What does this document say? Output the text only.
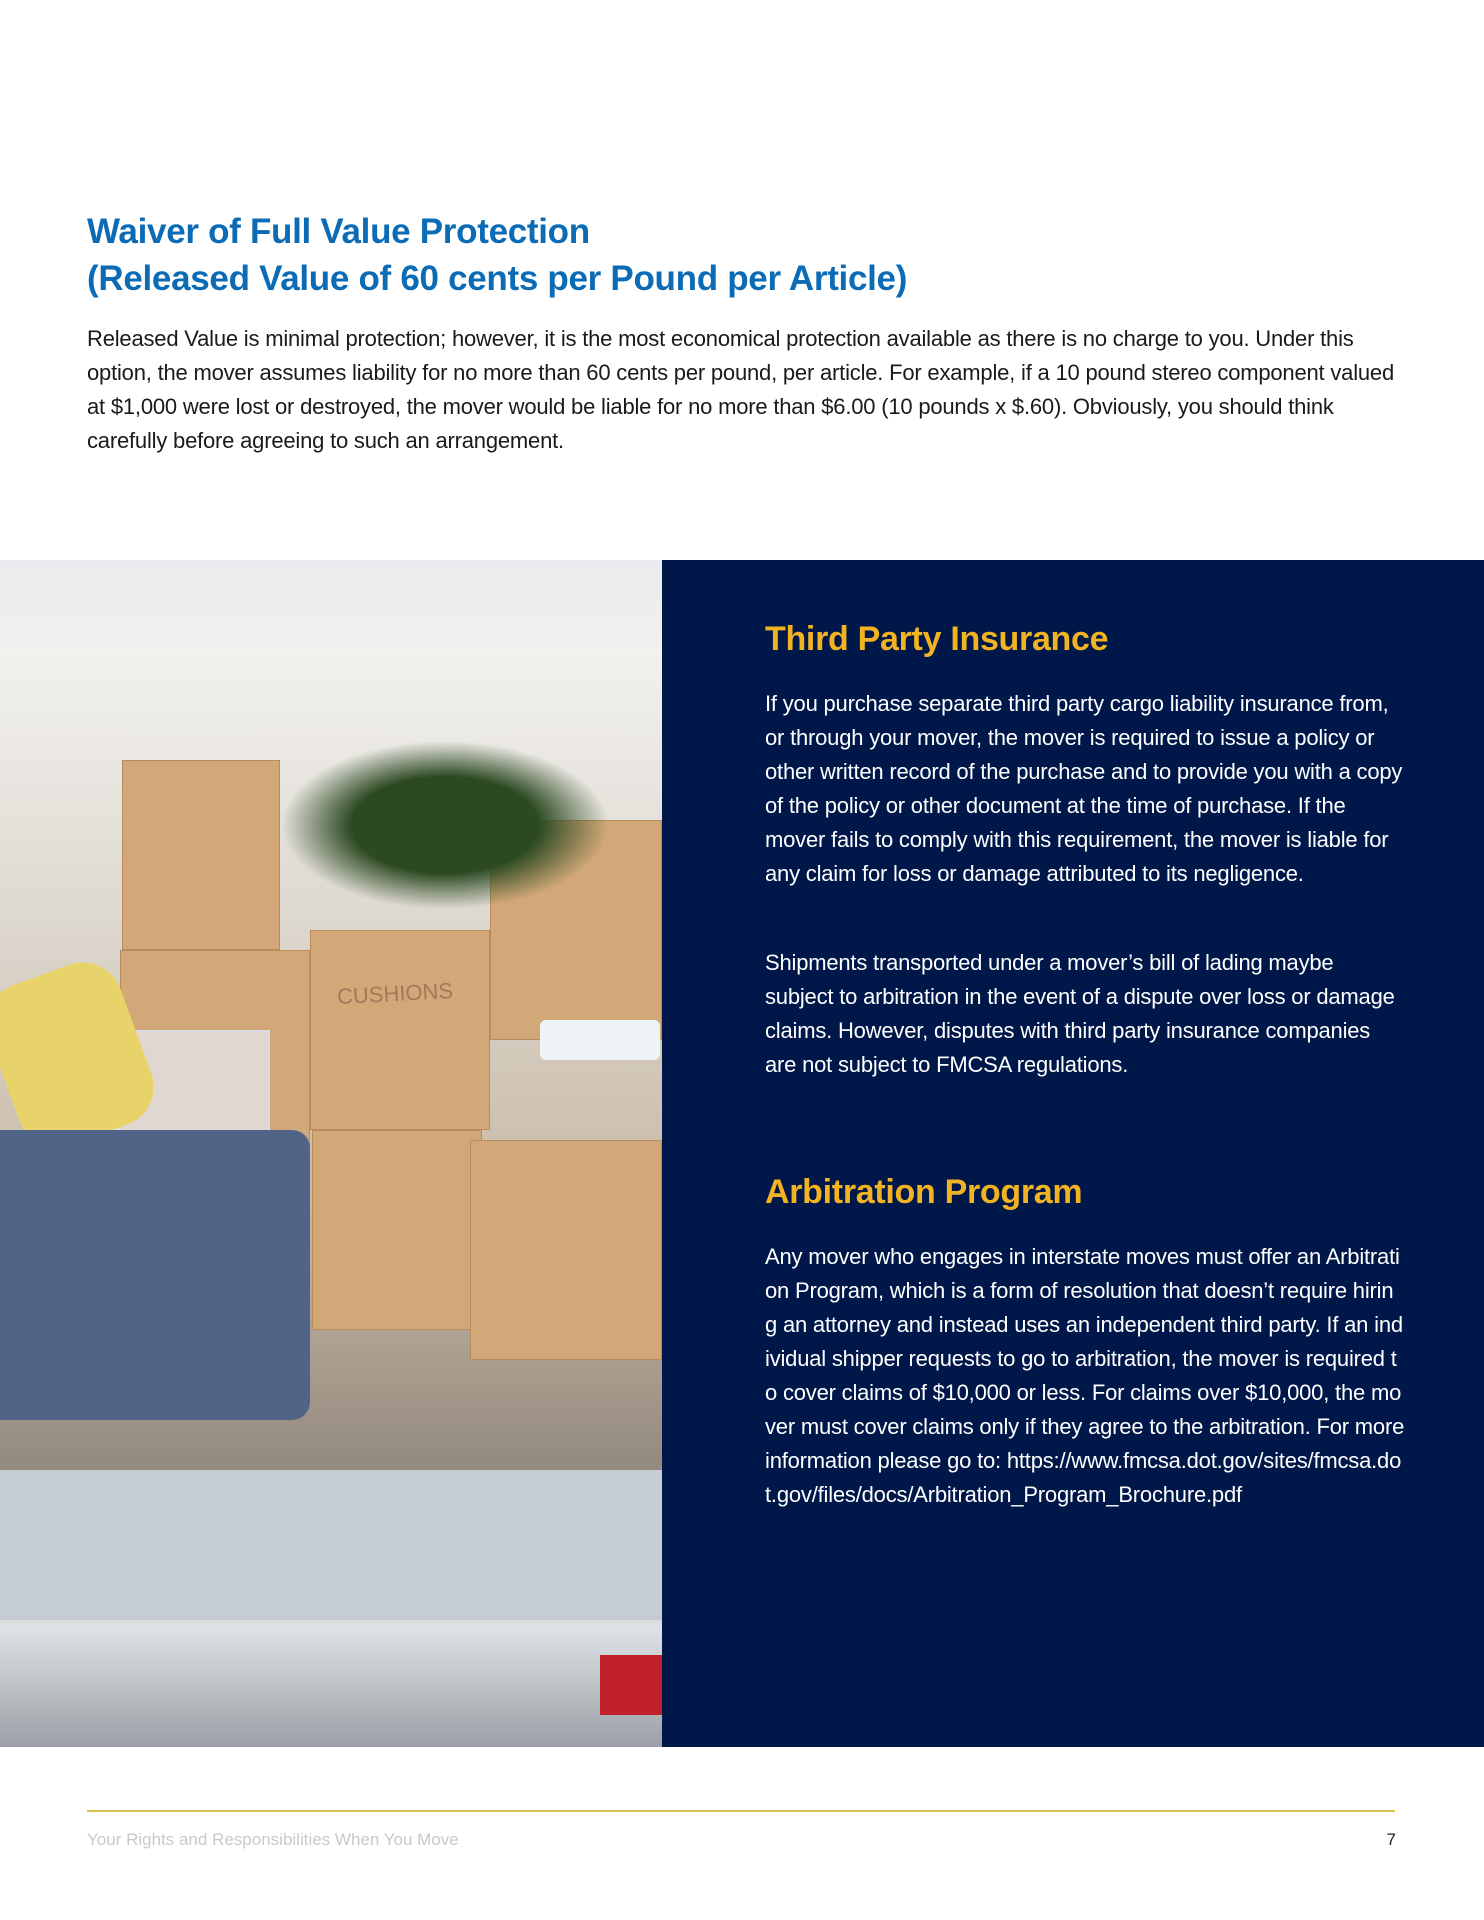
Waiver of Full Value Protection
(Released Value of 60 cents per Pound per Article)

Released Value is minimal protection; however, it is the most economical protection available as there is no charge to you. Under this option, the mover assumes liability for no more than 60 cents per pound, per article. For example, if a 10 pound stereo component valued at $1,000 were lost or destroyed, the mover would be liable for no more than $6.00 (10 pounds x $.60). Obviously, you should think carefully before agreeing to such an arrangement.

CUSHIONS
Third Party Insurance

If you purchase separate third party cargo liability insurance from, or through your mover, the mover is required to issue a policy or other written record of the purchase and to provide you with a copy of the policy or other document at the time of purchase. If the mover fails to comply with this requirement, the mover is liable for any claim for loss or damage attributed to its negligence.

Shipments transported under a mover’s bill of lading maybe subject to arbitration in the event of a dispute over loss or damage claims. However, disputes with third party insurance companies are not subject to FMCSA regulations.

Arbitration Program

Any mover who engages in interstate moves must offer an Arbitration Program, which is a form of resolution that doesn’t require hiring an attorney and instead uses an independent third party. If an individual shipper requests to go to arbitration, the mover is required to cover claims of $10,000 or less. For claims over $10,000, the mover must cover claims only if they agree to the arbitration. For more information please go to: https://www.fmcsa.dot.gov/sites/fmcsa.dot.gov/files/docs/Arbitration_Program_Brochure.pdf

Your Rights and Responsibilities When You Move	7
